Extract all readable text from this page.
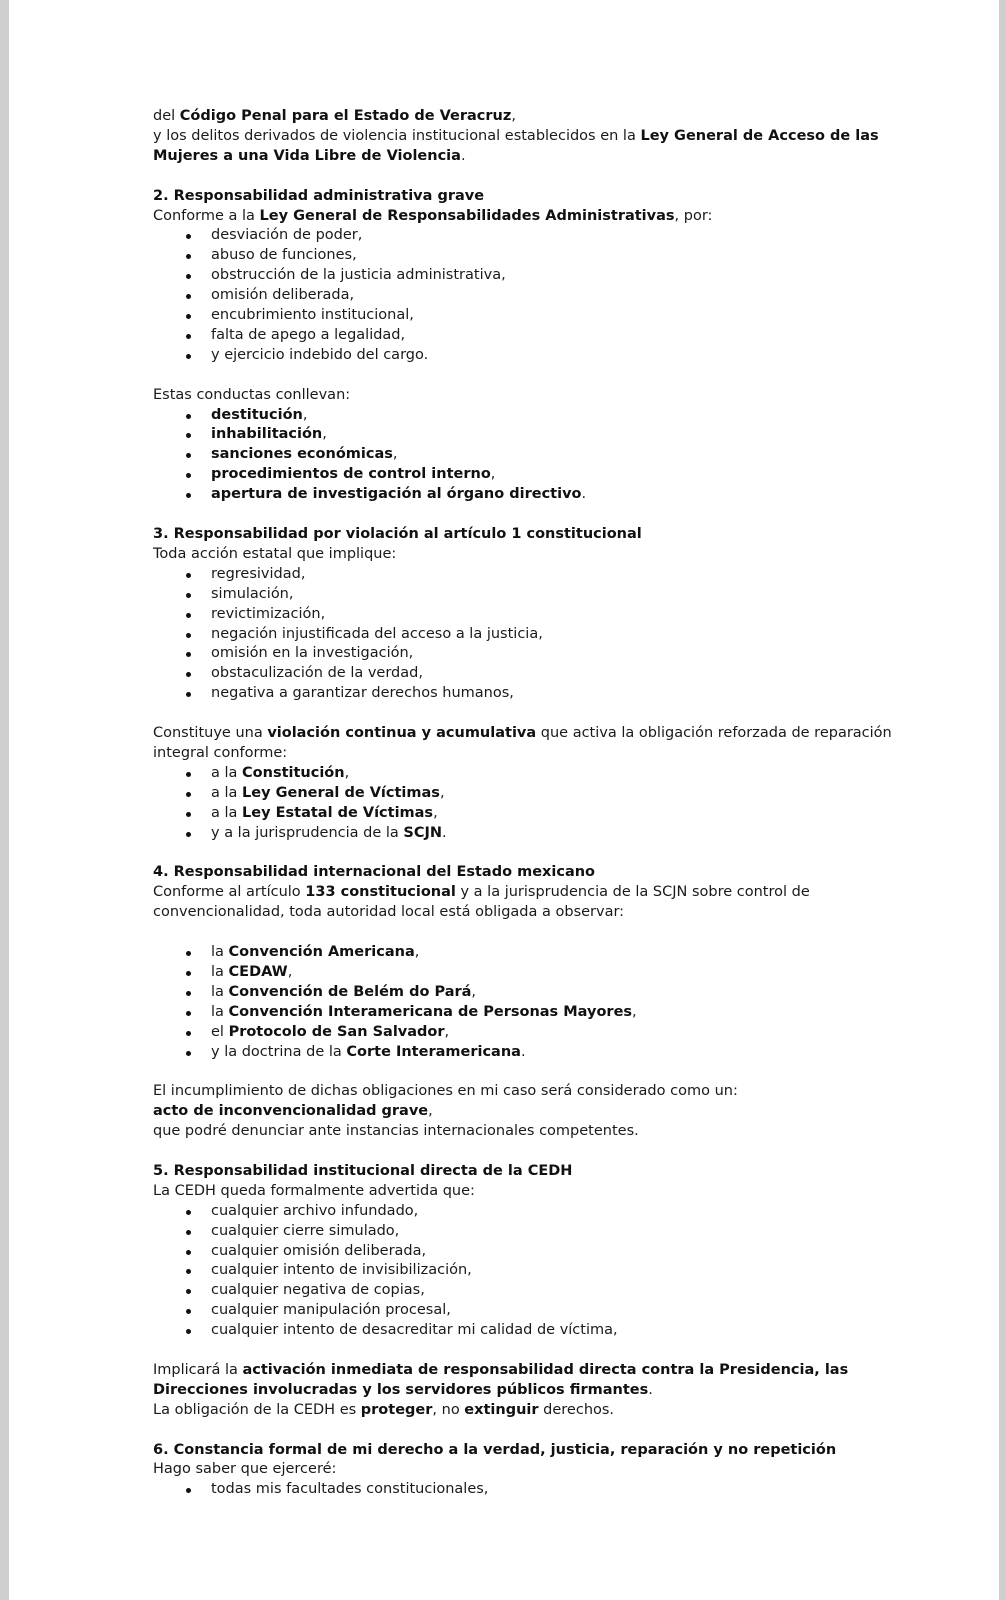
del Código Penal para el Estado de Veracruz,

y los delitos derivados de violencia institucional establecidos en la Ley General de Acceso de las Mujeres a una Vida Libre de Violencia.

2. Responsabilidad administrativa grave

Conforme a la Ley General de Responsabilidades Administrativas, por:

desviación de poder,
abuso de funciones,
obstrucción de la justicia administrativa,
omisión deliberada,
encubrimiento institucional,
falta de apego a legalidad,
y ejercicio indebido del cargo.

Estas conductas conllevan:

destitución,
inhabilitación,
sanciones económicas,
procedimientos de control interno,
apertura de investigación al órgano directivo.

3. Responsabilidad por violación al artículo 1 constitucional

Toda acción estatal que implique:

regresividad,
simulación,
revictimización,
negación injustificada del acceso a la justicia,
omisión en la investigación,
obstaculización de la verdad,
negativa a garantizar derechos humanos,

Constituye una violación continua y acumulativa que activa la obligación reforzada de reparación integral conforme:

a la Constitución,
a la Ley General de Víctimas,
a la Ley Estatal de Víctimas,
y a la jurisprudencia de la SCJN.

4. Responsabilidad internacional del Estado mexicano

Conforme al artículo 133 constitucional y a la jurisprudencia de la SCJN sobre control de convencionalidad, toda autoridad local está obligada a observar:

la Convención Americana,
la CEDAW,
la Convención de Belém do Pará,
la Convención Interamericana de Personas Mayores,
el Protocolo de San Salvador,
y la doctrina de la Corte Interamericana.

El incumplimiento de dichas obligaciones en mi caso será considerado como un:

acto de inconvencionalidad grave,

que podré denunciar ante instancias internacionales competentes.

5. Responsabilidad institucional directa de la CEDH

La CEDH queda formalmente advertida que:

cualquier archivo infundado,
cualquier cierre simulado,
cualquier omisión deliberada,
cualquier intento de invisibilización,
cualquier negativa de copias,
cualquier manipulación procesal,
cualquier intento de desacreditar mi calidad de víctima,

Implicará la activación inmediata de responsabilidad directa contra la Presidencia, las Direcciones involucradas y los servidores públicos firmantes.

La obligación de la CEDH es proteger, no extinguir derechos.

6. Constancia formal de mi derecho a la verdad, justicia, reparación y no repetición

Hago saber que ejerceré:

todas mis facultades constitucionales,
